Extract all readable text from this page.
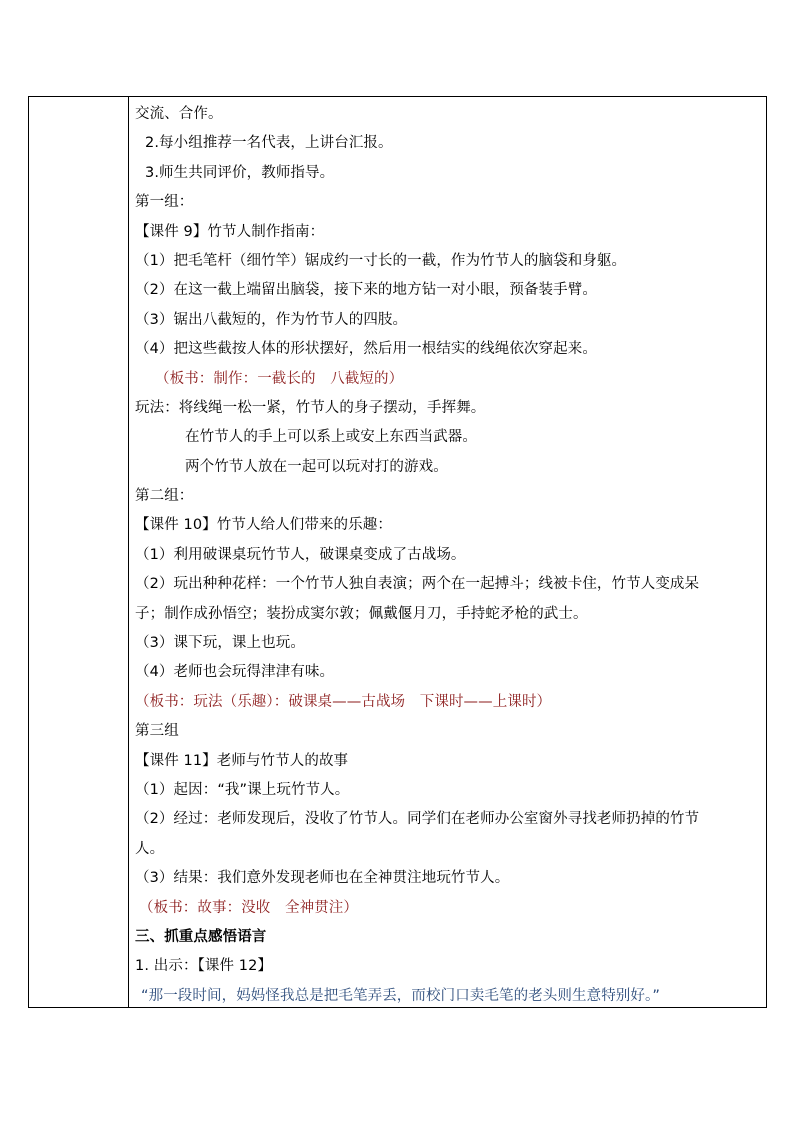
交流、合作。
2.每小组推荐一名代表，上讲台汇报。
3.师生共同评价，教师指导。
第一组：
【课件 9】竹节人制作指南：
（1）把毛笔杆（细竹竿）锯成约一寸长的一截，作为竹节人的脑袋和身躯。
（2）在这一截上端留出脑袋，接下来的地方钻一对小眼，预备装手臂。
（3）锯出八截短的，作为竹节人的四肢。
（4）把这些截按人体的形状摆好，然后用一根结实的线绳依次穿起来。
（板书：制作：一截长的　八截短的）
玩法：将线绳一松一紧，竹节人的身子摆动，手挥舞。
在竹节人的手上可以系上或安上东西当武器。
两个竹节人放在一起可以玩对打的游戏。
第二组：
【课件 10】竹节人给人们带来的乐趣：
（1）利用破课桌玩竹节人，破课桌变成了古战场。
（2）玩出种种花样：一个竹节人独自表演；两个在一起搏斗；线被卡住，竹节人变成呆
子；制作成孙悟空；装扮成窦尔敦；佩戴偃月刀，手持蛇矛枪的武士。
（3）课下玩，课上也玩。
（4）老师也会玩得津津有味。
（板书：玩法（乐趣）：破课桌——古战场　下课时——上课时）
第三组
【课件 11】老师与竹节人的故事
（1）起因：“我”课上玩竹节人。
（2）经过：老师发现后，没收了竹节人。同学们在老师办公室窗外寻找老师扔掉的竹节
人。
（3）结果：我们意外发现老师也在全神贯注地玩竹节人。
（板书：故事：没收　全神贯注）
三、抓重点感悟语言
1. 出示：【课件 12】
“那一段时间，妈妈怪我总是把毛笔弄丢，而校门口卖毛笔的老头则生意特别好。”
